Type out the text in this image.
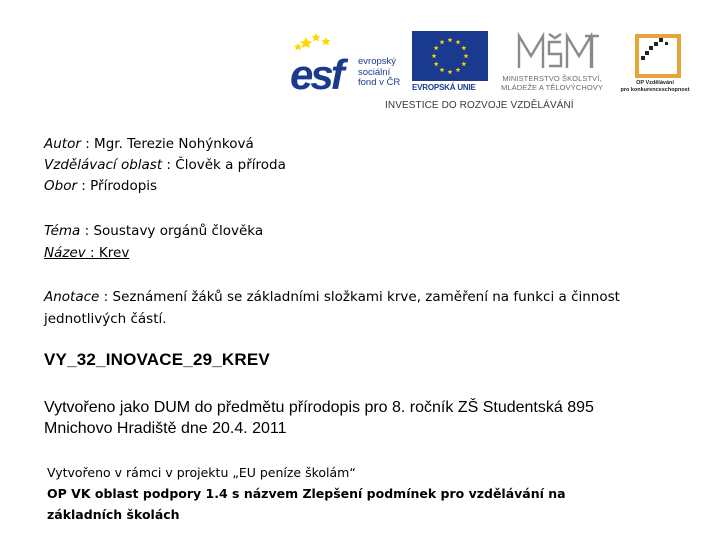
esf	evropský
sociální
fond v ČR EVROPSKÁ UNIE
MINISTERSTVO ŠKOLSTVÍ,
MLÁDEŽE A TĚLOVÝCHOVY	OP Vzdělávání
pro konkurenceschopnost
INVESTICE DO ROZVOJE VZDĚLÁVÁNÍ
Autor : Mgr. Terezie Nohýnková
Vzdělávací oblast : Člověk a příroda
Obor : Přírodopis
Téma : Soustavy orgánů člověka
Název : Krev
Anotace : Seznámení žáků se základními složkami krve, zaměření na funkci a činnost
jednotlivých částí.
VY_32_INOVACE_29_KREV
Vytvořeno jako DUM do předmětu přírodopis pro 8. ročník ZŠ Studentská 895
Mnichovo Hradiště dne 20.4. 2011
Vytvořeno v rámci v projektu „EU peníze školám“
OP VK oblast podpory 1.4 s názvem Zlepšení podmínek pro vzdělávání na
základních školách
